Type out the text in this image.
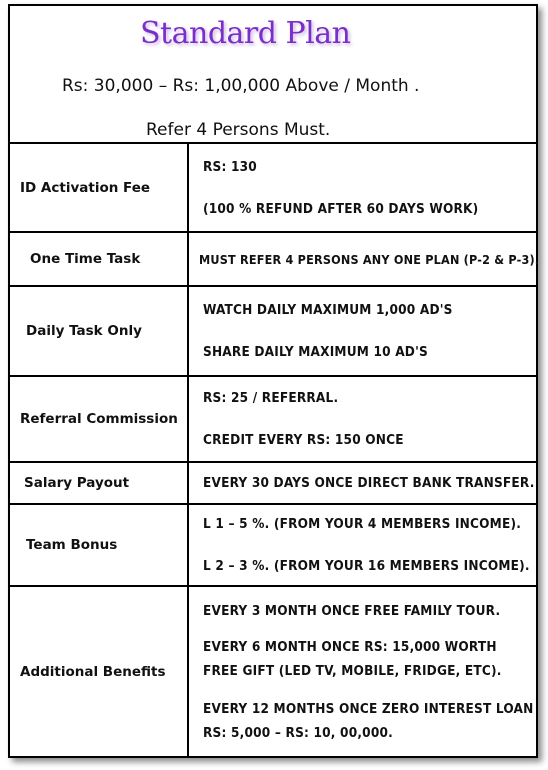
Standard Plan
Rs: 30,000 – Rs: 1,00,000 Above / Month .
Refer 4 Persons Must.
ID Activation Fee	RS: 130
(100 % REFUND AFTER 60 DAYS WORK)

One Time Task	MUST REFER 4 PERSONS ANY ONE PLAN (P-2 & P-3).

Daily Task Only	WATCH DAILY MAXIMUM 1,000 AD'S
SHARE DAILY MAXIMUM 10 AD'S

Referral Commission	RS: 25 / REFERRAL.
CREDIT EVERY RS: 150 ONCE

Salary Payout	EVERY 30 DAYS ONCE DIRECT BANK TRANSFER.

Team Bonus	L 1 – 5 %. (FROM YOUR 4 MEMBERS INCOME).
L 2 – 3 %. (FROM YOUR 16 MEMBERS INCOME).

Additional Benefits	EVERY 3 MONTH ONCE FREE FAMILY TOUR.
EVERY 6 MONTH ONCE RS: 15,000 WORTH
FREE GIFT (LED TV, MOBILE, FRIDGE, ETC).
EVERY 12 MONTHS ONCE ZERO INTEREST LOAN
RS: 5,000 – RS: 10, 00,000.
